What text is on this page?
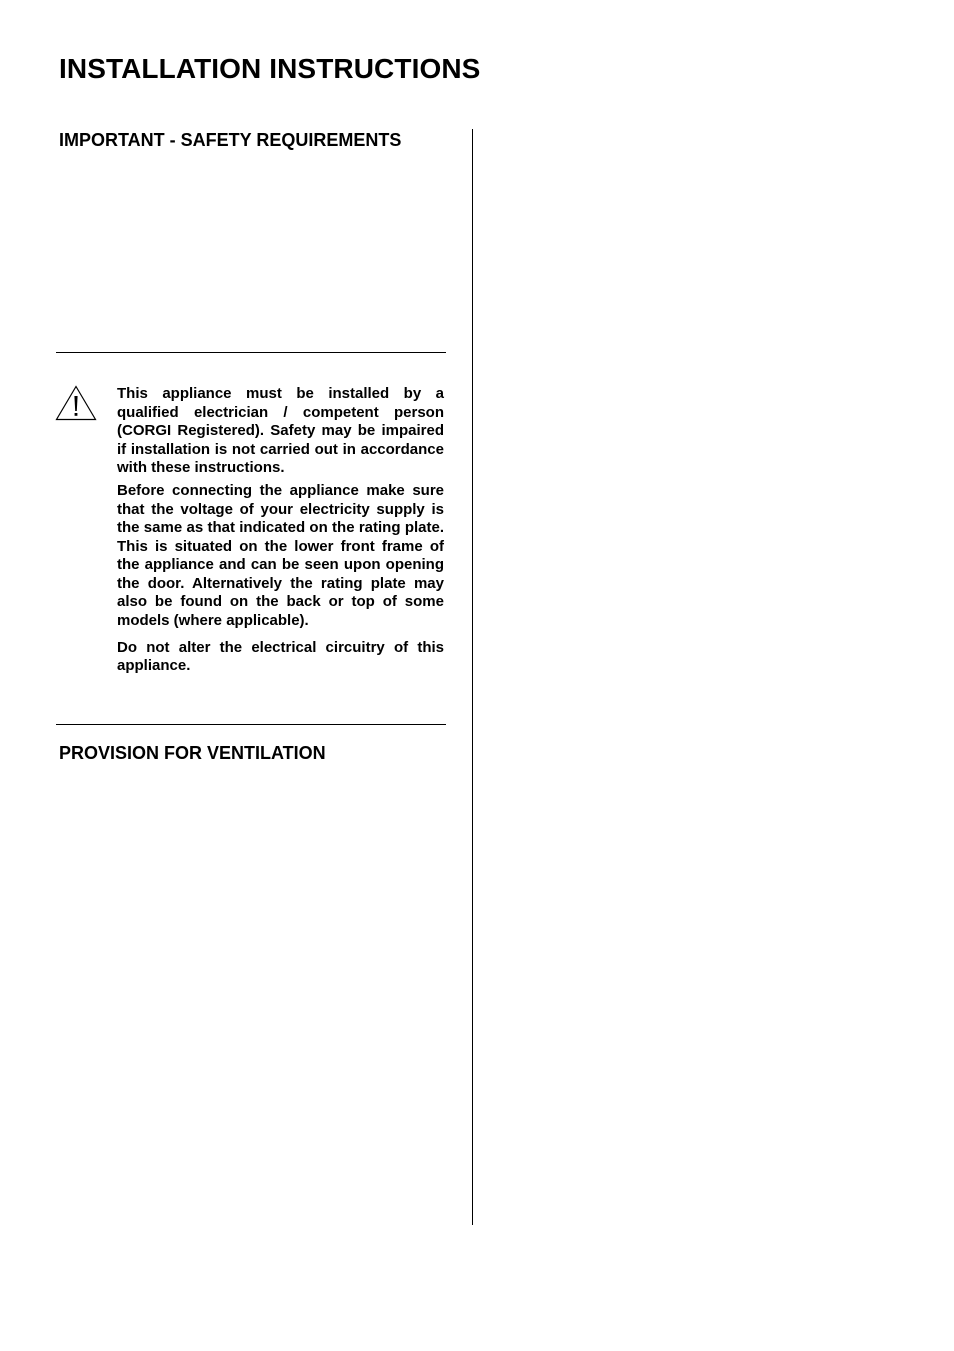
INSTALLATION INSTRUCTIONS
IMPORTANT - SAFETY REQUIREMENTS

This appliance must be installed by a qualified electrician / competent person (CORGI Registered). Safety may be impaired if installation is not carried out in accordance with these instructions.

Before connecting the appliance make sure that the voltage of your electricity supply is the same as that indicated on the rating plate. This is situated on the lower front frame of the appliance and can be seen upon opening the door. Alternatively the rating plate may also be found on the back or top of some models (where applicable).

Do not alter the electrical circuitry of this appliance.

PROVISION FOR VENTILATION
